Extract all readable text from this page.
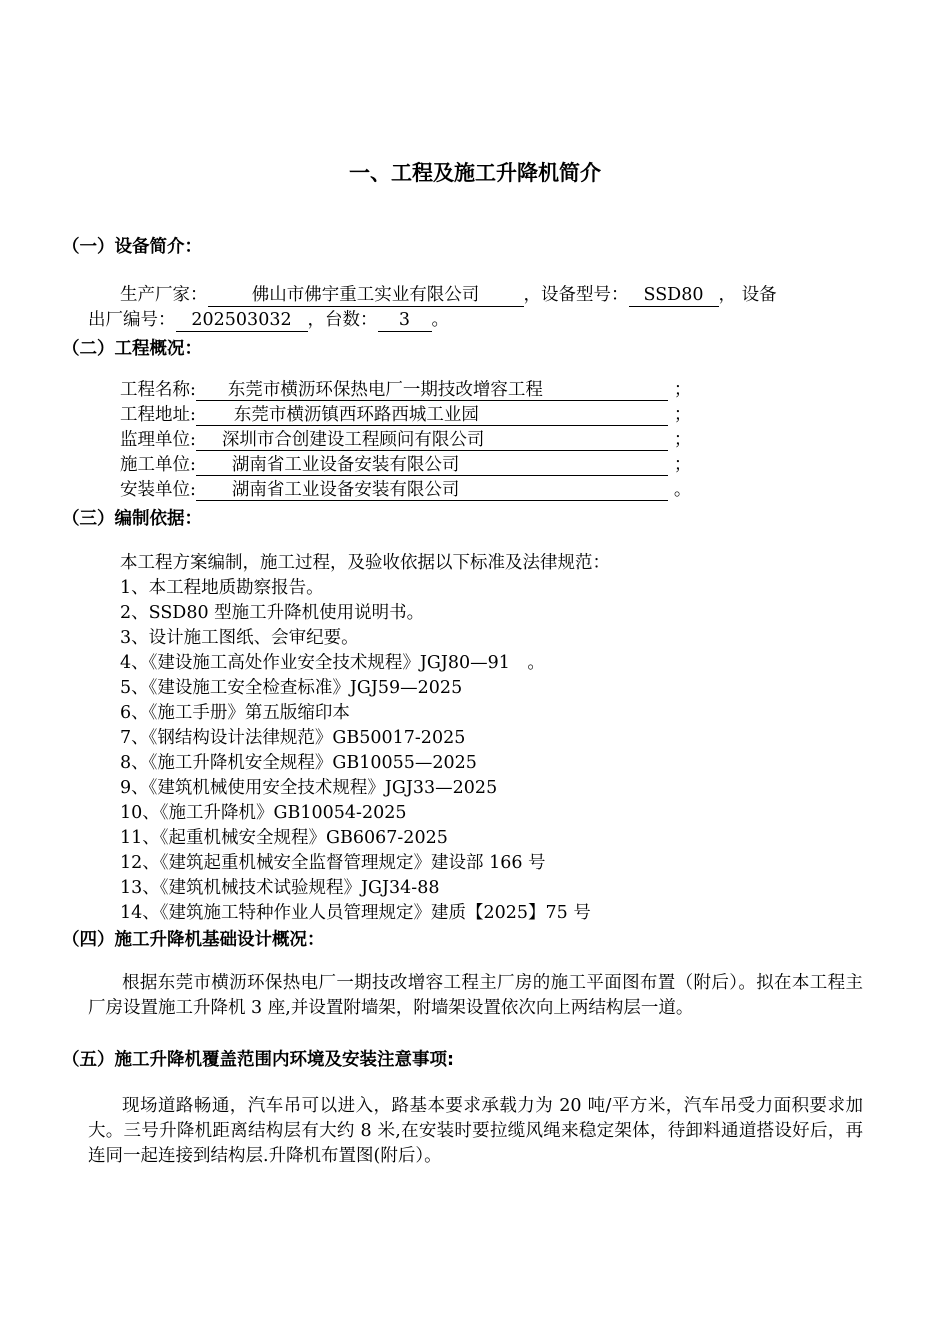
一、工程及施工升降机简介
（一）设备简介：
生产厂家：	佛山市佛宇重工实业有限公司	，设备型号： SSD80 ， 设备
出厂编号： 202503032 ，台数： 3 。
（二）工程概况：
工程名称: 东莞市横沥环保热电厂一期技改增容工程	；
工程地址: 东莞市横沥镇西环路西城工业园	；
监理单位: 深圳市合创建设工程顾问有限公司	；
施工单位: 湖南省工业设备安装有限公司	；
安装单位: 湖南省工业设备安装有限公司	。
（三）编制依据：
本工程方案编制，施工过程，及验收依据以下标准及法律规范：
1、本工程地质勘察报告。
2、SSD80 型施工升降机使用说明书。
3、设计施工图纸、会审纪要。
4、《建设施工高处作业安全技术规程》JGJ80—91　。
5、《建设施工安全检查标准》JGJ59—2025
6、《施工手册》第五版缩印本
7、《钢结构设计法律规范》GB50017-2025
8、《施工升降机安全规程》GB10055—2025
9、《建筑机械使用安全技术规程》JGJ33—2025
10、《施工升降机》GB10054-2025
11、《起重机械安全规程》GB6067-2025
12、《建筑起重机械安全监督管理规定》建设部 166 号
13、《建筑机械技术试验规程》JGJ34-88
14、《建筑施工特种作业人员管理规定》建质【2025】75 号
（四）施工升降机基础设计概况：
根据东莞市横沥环保热电厂一期技改增容工程主厂房的施工平面图布置（附后）。拟在本工程主厂房设置施工升降机 3 座,并设置附墙架，附墙架设置依次向上两结构层一道。
（五）施工升降机覆盖范围内环境及安装注意事项:
现场道路畅通，汽车吊可以进入，路基本要求承载力为 20 吨/平方米，汽车吊受力面积要求加大。三号升降机距离结构层有大约 8 米,在安装时要拉缆风绳来稳定架体，待卸料通道搭设好后，再连同一起连接到结构层.升降机布置图(附后）。
